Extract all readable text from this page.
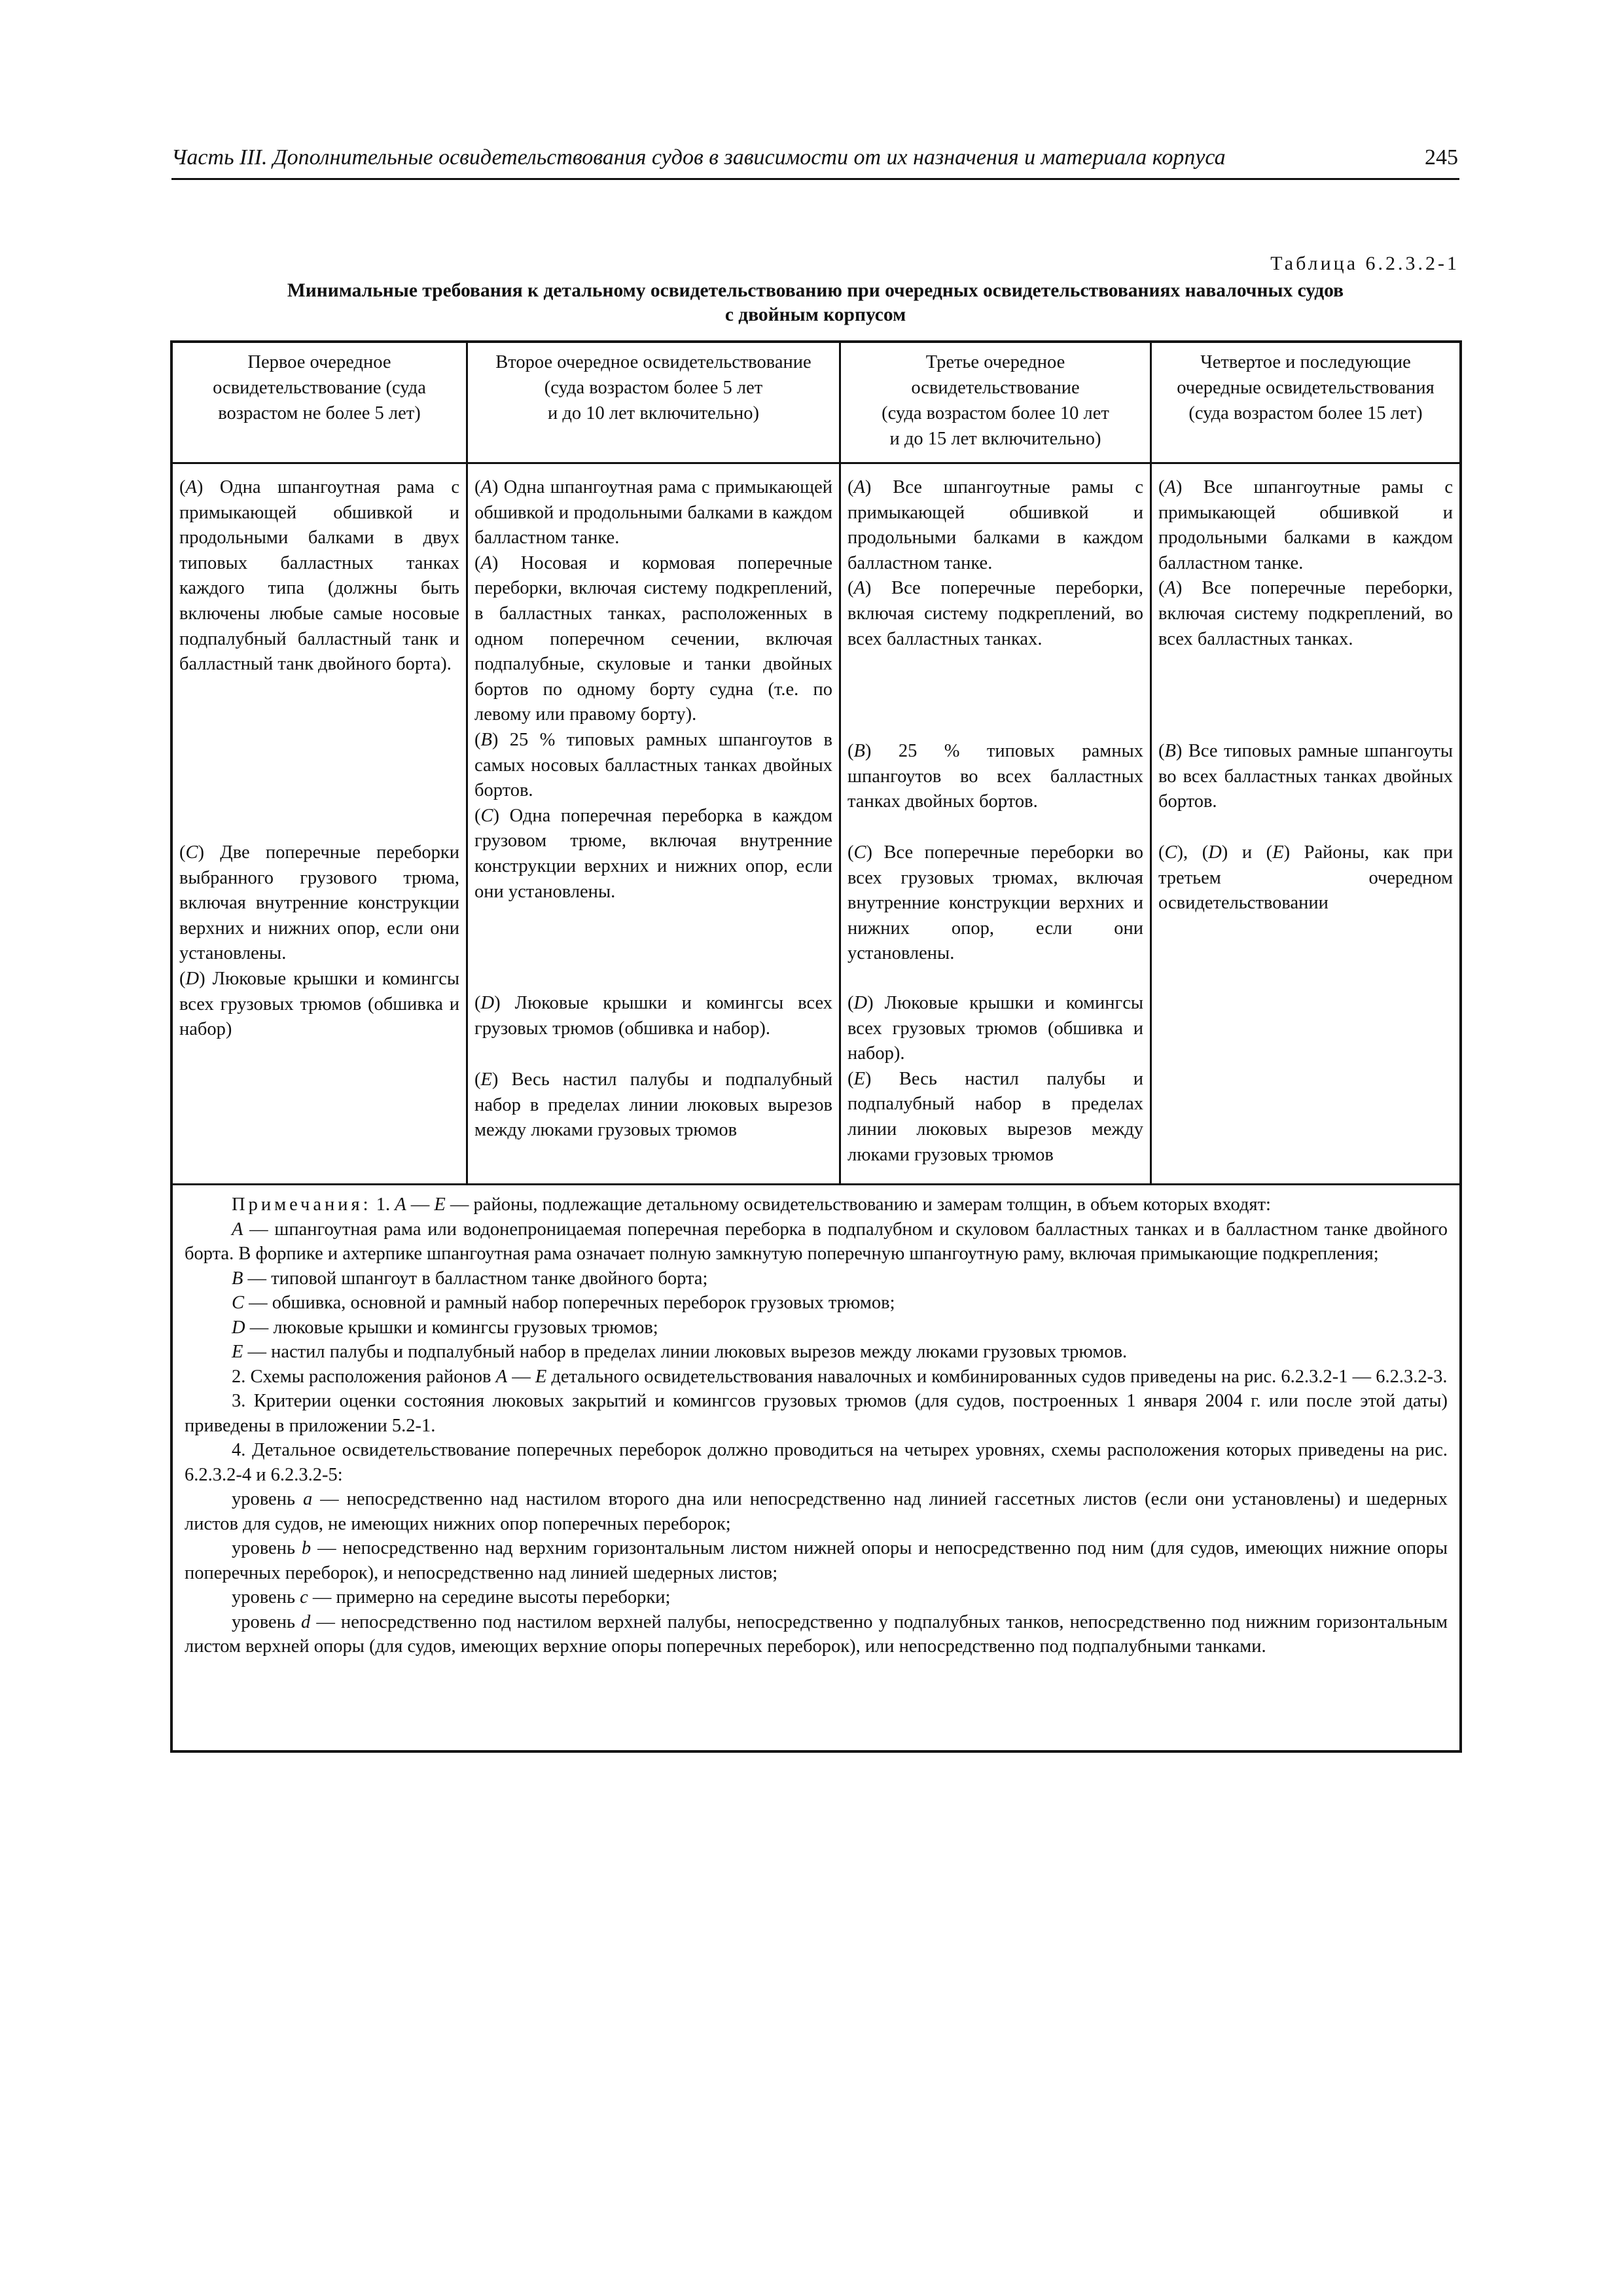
Часть III. Дополнительные освидетельствования судов в зависимости от их назначения и материала корпуса	245
Таблица 6.2.3.2-1
Минимальные требования к детальному освидетельствованию при очередных освидетельствованиях навалочных судов
с двойным корпусом
Первое очередное
освидетельствование (суда
возрастом не более 5 лет)
Второе очередное освидетельствование
(суда возрастом более 5 лет
и до 10 лет включительно)
Третье очередное
освидетельствование
(суда возрастом более 10 лет
и до 15 лет включительно)
Четвертое и последующие
очередные освидетельствования
(суда возрастом более 15 лет)

(A) Одна шпангоутная рама с примыкающей обшивкой и продольными балками в двух типовых балластных танках каждого типа (должны быть включены любые самые носовые подпалубный балластный танк и балластный танк двойного борта).

(C) Две поперечные переборки выбранного грузового трюма, включая внутренние конструкции верхних и нижних опор, если они установлены.

(D) Люковые крышки и комингсы всех грузовых трюмов (обшивка и набор)

(A) Одна шпангоутная рама с примыкающей обшивкой и продольными балками в каждом балластном танке.

(A) Носовая и кормовая поперечные переборки, включая систему подкреплений, в балластных танках, расположенных в одном поперечном сечении, включая подпалубные, скуловые и танки двойных бортов по одному борту судна (т.е. по левому или правому борту).

(B) 25 % типовых рамных шпангоутов в самых носовых балластных танках двойных бортов.

(C) Одна поперечная переборка в каждом грузовом трюме, включая внутренние конструкции верхних и нижних опор, если они установлены.

(D) Люковые крышки и комингсы всех грузовых трюмов (обшивка и набор).

(E) Весь настил палубы и подпалубный набор в пределах линии люковых вырезов между люками грузовых трюмов

(A) Все шпангоутные рамы с примыкающей обшивкой и продольными балками в каждом балластном танке.

(A) Все поперечные переборки, включая систему подкреплений, во всех балластных танках.

(B) 25 % типовых рамных шпангоутов во всех балластных танках двойных бортов.

(C) Все поперечные переборки во всех грузовых трюмах, включая внутренние конструкции верхних и нижних опор, если они установлены.

(D) Люковые крышки и комингсы всех грузовых трюмов (обшивка и набор).

(E) Весь настил палубы и подпалубный набор в пределах линии люковых вырезов между люками грузовых трюмов

(A) Все шпангоутные рамы с примыкающей обшивкой и продольными балками в каждом балластном танке.

(A) Все поперечные переборки, включая систему подкреплений, во всех балластных танках.

(B) Все типовых рамные шпангоуты во всех балластных танках двойных бортов.

(C), (D) и (E) Районы, как при третьем очередном освидетельствовании

Примечания: 1. A — E — районы, подлежащие детальному освидетельствованию и замерам толщин, в объем которых входят:

A — шпангоутная рама или водонепроницаемая поперечная переборка в подпалубном и скуловом балластных танках и в балластном танке двойного борта. В форпике и ахтерпике шпангоутная рама означает полную замкнутую поперечную шпангоутную раму, включая примыкающие подкрепления;

B — типовой шпангоут в балластном танке двойного борта;

C — обшивка, основной и рамный набор поперечных переборок грузовых трюмов;

D — люковые крышки и комингсы грузовых трюмов;

E — настил палубы и подпалубный набор в пределах линии люковых вырезов между люками грузовых трюмов.

2. Схемы расположения районов A — E детального освидетельствования навалочных и комбинированных судов приведены на рис. 6.2.3.2-1 — 6.2.3.2-3.

3. Критерии оценки состояния люковых закрытий и комингсов грузовых трюмов (для судов, построенных 1 января 2004 г. или после этой даты) приведены в приложении 5.2-1.

4. Детальное освидетельствование поперечных переборок должно проводиться на четырех уровнях, схемы расположения которых приведены на рис. 6.2.3.2-4 и 6.2.3.2-5:

уровень a — непосредственно над настилом второго дна или непосредственно над линией гассетных листов (если они установлены) и шедерных листов для судов, не имеющих нижних опор поперечных переборок;

уровень b — непосредственно над верхним горизонтальным листом нижней опоры и непосредственно под ним (для судов, имеющих нижние опоры поперечных переборок), и непосредственно над линией шедерных листов;

уровень c — примерно на середине высоты переборки;

уровень d — непосредственно под настилом верхней палубы, непосредственно у подпалубных танков, непосредственно под нижним горизонтальным листом верхней опоры (для судов, имеющих верхние опоры поперечных переборок), или непосредственно под подпалубными танками.
